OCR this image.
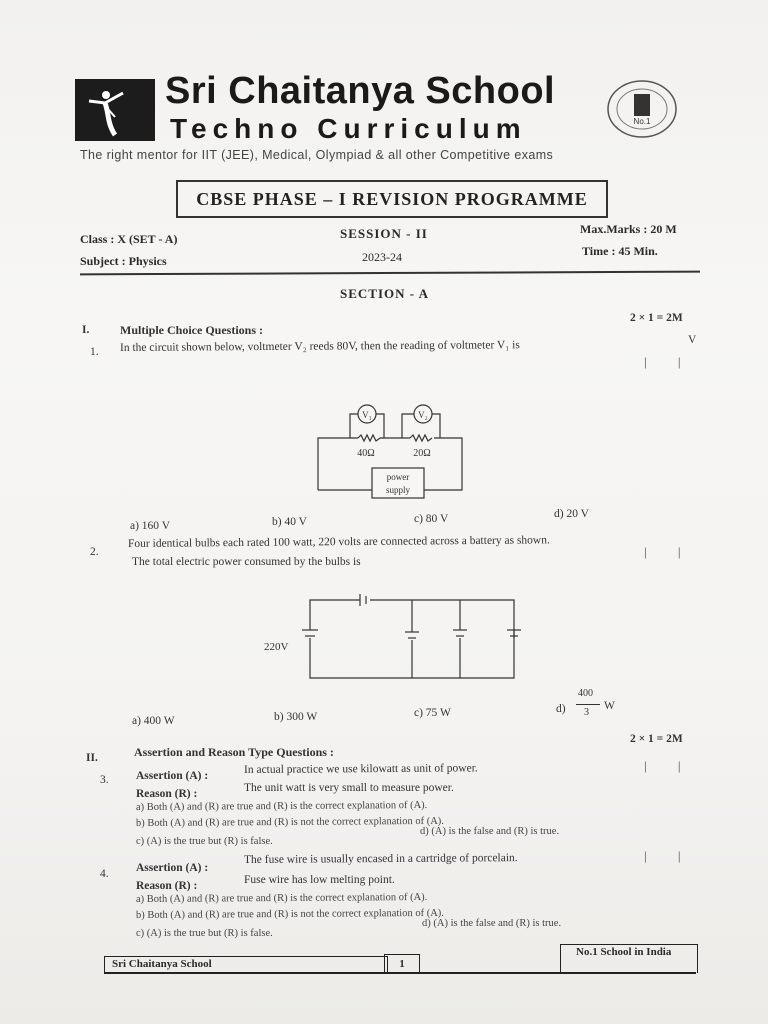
Sri Chaitanya School
Techno Curriculum
The right mentor for IIT (JEE), Medical, Olympiad & all other Competitive exams
No.1
CBSE PHASE – I REVISION PROGRAMME
Class : X (SET - A)
Subject : Physics
SESSION - II
2023-24
Max.Marks : 20 M
Time : 45 Min.
SECTION - A
I.	Multiple Choice Questions :
2 × 1 = 2M
1. In the circuit shown below, voltmeter V₂ reeds 80V, then the reading of voltmeter V₁ is	V
| |
V₁	V₂
40Ω	20Ω
power
supply
a) 160 V	b) 40 V	c) 80 V	d) 20 V
2.
Four identical bulbs each rated 100 watt, 220 volts are connected across a battery as shown.
The total electric power consumed by the bulbs is
| |
220V
a) 400 W	b) 300 W	c) 75 W	d)
400
3
W
II.	Assertion and Reason Type Questions :
2 × 1 = 2M
3. Assertion (A) :
In actual practice we use kilowatt as unit of power.
Reason (R) :	The unit watt is very small to measure power.
| |
a) Both (A) and (R) are true and (R) is the correct explanation of (A).
b) Both (A) and (R) are true and (R) is not the correct explanation of (A).
c) (A) is the true but (R) is false.
d) (A) is the false and (R) is true.
4. Assertion (A) :
The fuse wire is usually encased in a cartridge of porcelain.
Reason (R) :	Fuse wire has low melting point.
| |
a) Both (A) and (R) are true and (R) is the correct explanation of (A).
b) Both (A) and (R) are true and (R) is not the correct explanation of (A).
c) (A) is the true but (R) is false.
d) (A) is the false and (R) is true.
Sri Chaitanya School	1
No.1 School in India
